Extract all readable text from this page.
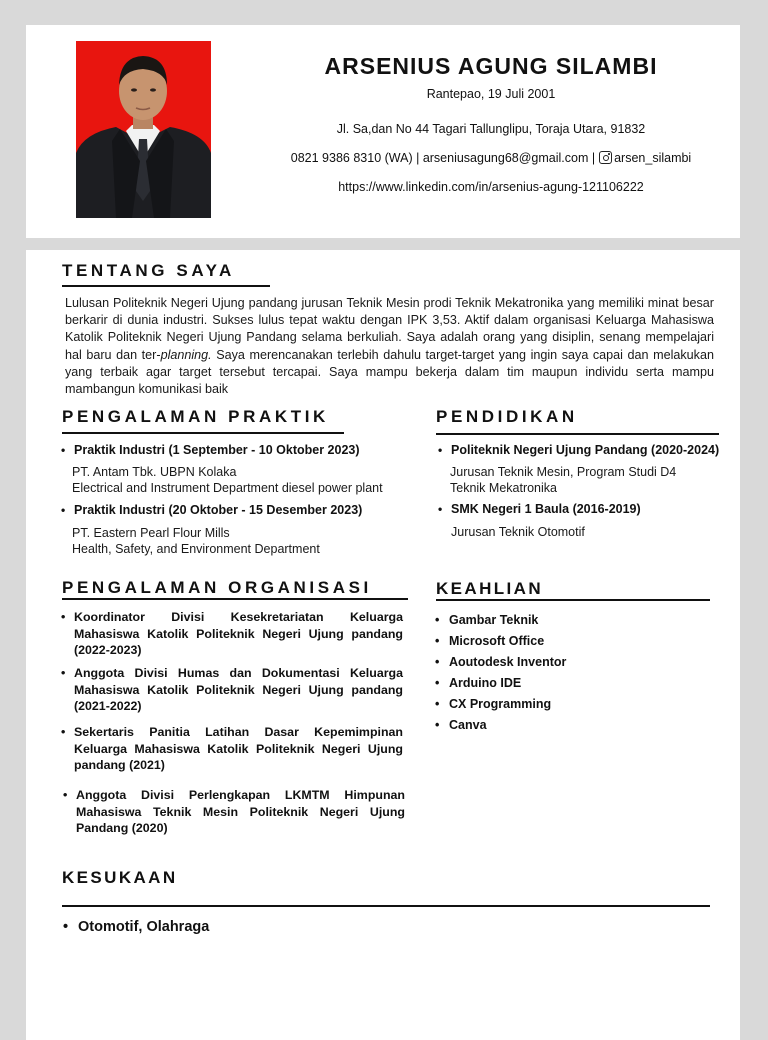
ARSENIUS AGUNG SILAMBI
Rantepao, 19 Juli 2001
Jl. Sa,dan No 44 Tagari Tallunglipu, Toraja Utara, 91832
0821 9386 8310 (WA) | arseniusagung68@gmail.com | arsen_silambi
https://www.linkedin.com/in/arsenius-agung-121106222
TENTANG SAYA
Lulusan Politeknik Negeri Ujung pandang jurusan Teknik Mesin prodi Teknik Mekatronika yang memiliki minat besar berkarir di dunia industri. Sukses lulus tepat waktu dengan IPK 3,53. Aktif dalam organisasi Keluarga Mahasiswa Katolik Politeknik Negeri Ujung Pandang selama berkuliah. Saya adalah orang yang disiplin, senang mempelajari hal baru dan ter-planning. Saya merencanakan terlebih dahulu target-target yang ingin saya capai dan melakukan yang terbaik agar target tersebut tercapai. Saya mampu bekerja dalam tim maupun individu serta mampu mambangun komunikasi baik
PENGALAMAN PRAKTIK
• Praktik Industri (1 September - 10 Oktober 2023)
PT. Antam Tbk. UBPN Kolaka
Electrical and Instrument Department diesel power plant
• Praktik Industri (20 Oktober - 15 Desember 2023)
PT. Eastern Pearl Flour Mills
Health, Safety, and Environment Department
PENDIDIKAN
• Politeknik Negeri Ujung Pandang (2020-2024)
Jurusan Teknik Mesin, Program Studi D4
Teknik Mekatronika
• SMK Negeri 1 Baula (2016-2019)
Jurusan Teknik Otomotif
PENGALAMAN ORGANISASI
• Koordinator Divisi Kesekretariatan Keluarga Mahasiswa Katolik Politeknik Negeri Ujung pandang (2022-2023)
• Anggota Divisi Humas dan Dokumentasi Keluarga Mahasiswa Katolik Politeknik Negeri Ujung pandang (2021-2022)
• Sekertaris Panitia Latihan Dasar Kepemimpinan Keluarga Mahasiswa Katolik Politeknik Negeri Ujung pandang (2021)
• Anggota Divisi Perlengkapan LKMTM Himpunan Mahasiswa Teknik Mesin Politeknik Negeri Ujung Pandang (2020)
KEAHLIAN
• Gambar Teknik
• Microsoft Office
• Aoutodesk Inventor
• Arduino IDE
• CX Programming
• Canva
KESUKAAN
• Otomotif, Olahraga
